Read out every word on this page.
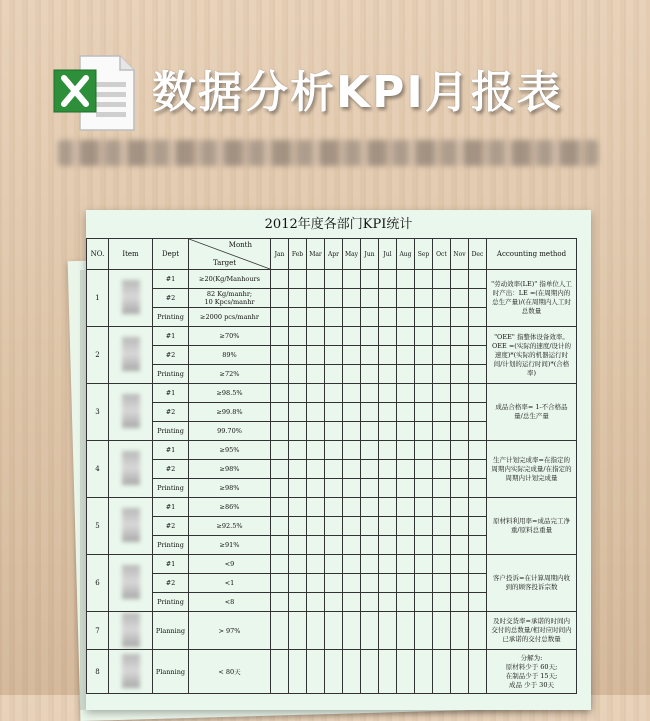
数据分析KPI月报表
2012年度各部门KPI统计
NO.	Item	Dept	Month
Target	Jan	Feb	Mar	Apr	May	Jun	Jul	Aug	Sep	Oct	Nov	Dec	Accounting method
1		#1	≥20(Kg/Manhours													"劳动效率(LE)" 指单位人工时产出：LE =(在周期内的总生产量)/(在周期内人工时总数量
		#2	82 Kg/manhr;
10 Kpcs/manhr													
		Printing	≥2000 pcs/manhr													
2		#1	≥70%													"OEE" 指整体设备效率。OEE =(实际的速度/设计的速度)*(实际的机器运行时间/计划的运行时间)*(合格率)
		#2	89%													
		Printing	≥72%													
3		#1	≥98.5%													成品合格率= 1-不合格品量/总生产量
		#2	≥99.8%													
		Printing	99.70%													
4		#1	≥95%													生产计划完成率=在指定的周期内实际完成量/在指定的周期内计划完成量
		#2	≥98%													
		Printing	≥98%													
5		#1	≥86%													原材料利用率=成品完工净重/原料总重量
		#2	≥92.5%													
		Printing	≥91%													
6		#1	<9													客户投诉=在计算周期内收到的顾客投诉宗数
		#2	<1													
		Printing	<8													
7		Planning	> 97%													及时交货率=承诺的时间内交付的总数量/相对应时间内已承诺的交付总数量
8		Planning	< 80天													分解为:
原材料少于 60天;
在制品少于 15天;
成品 少于 30天
